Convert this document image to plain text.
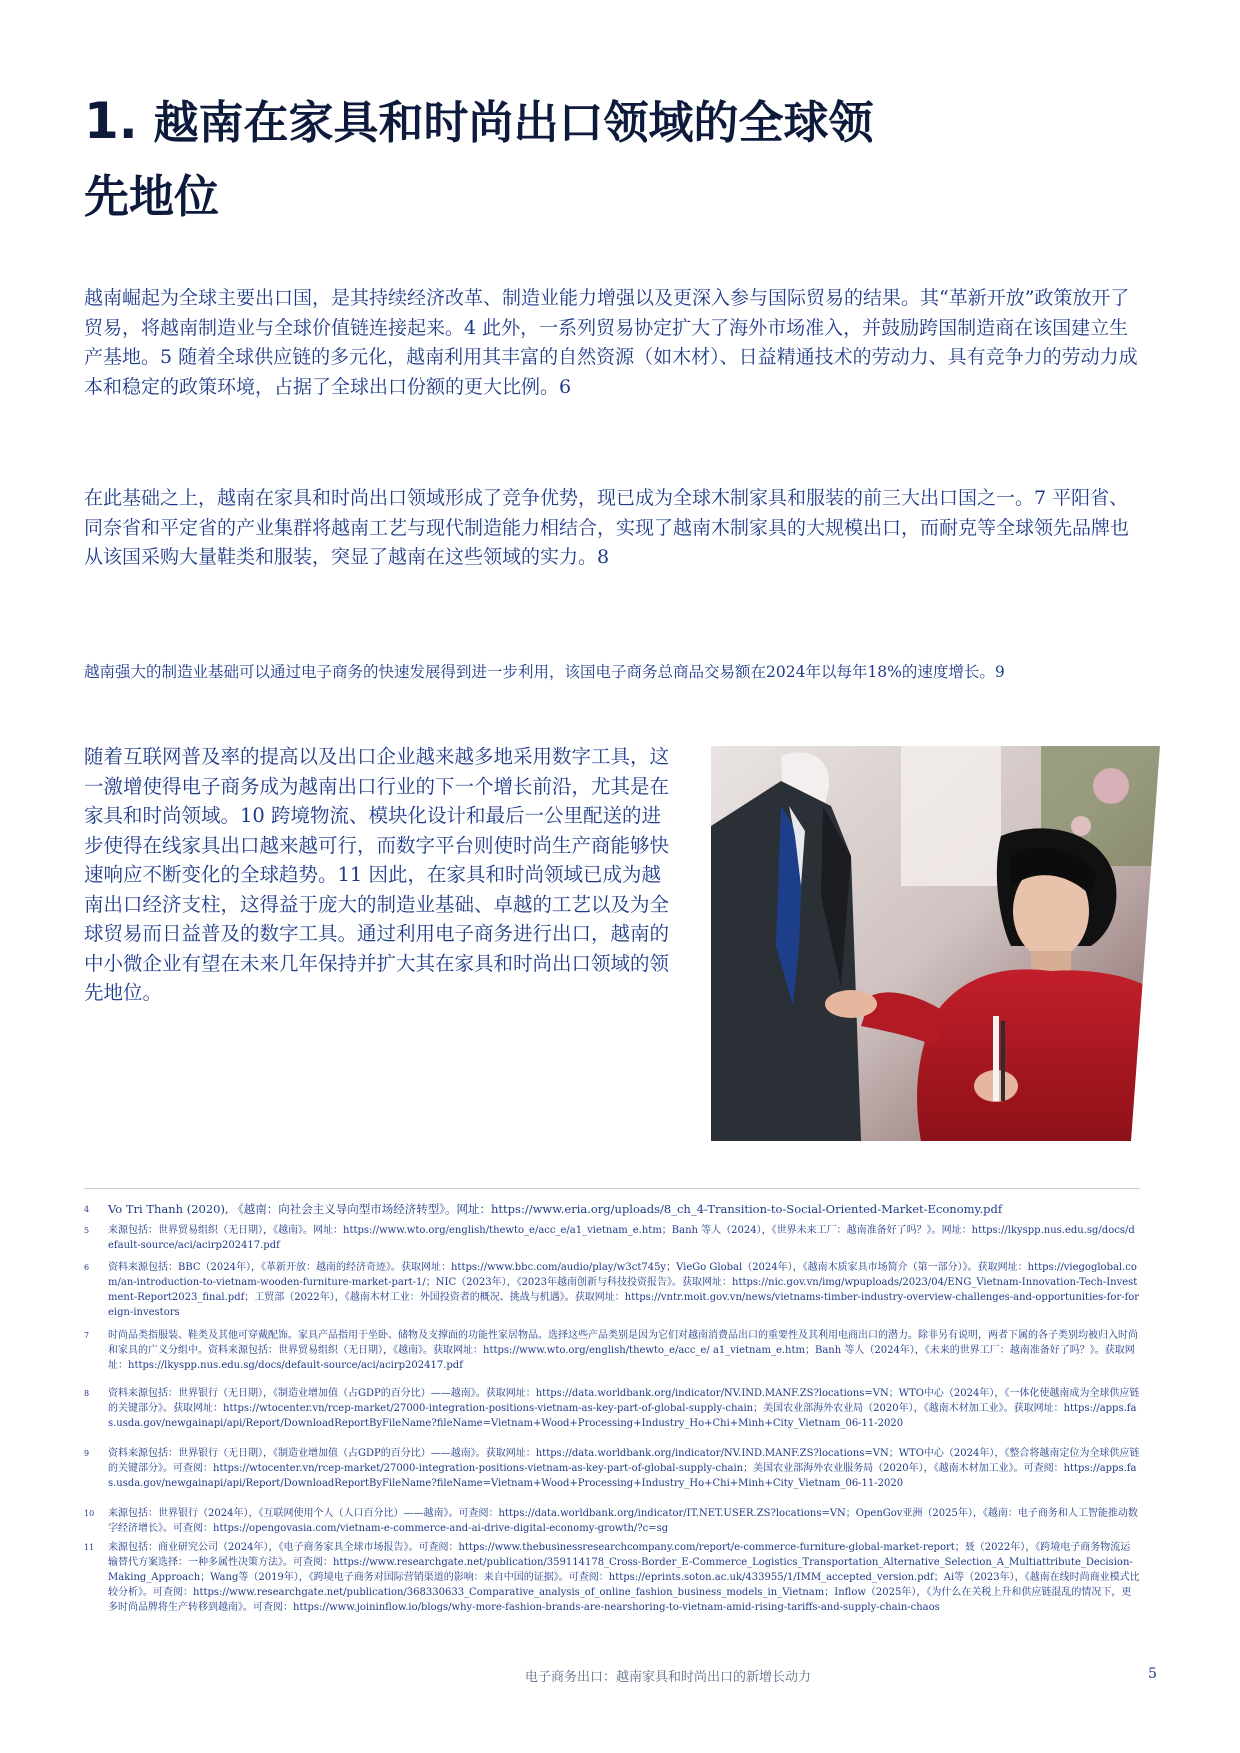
1. 越南在家具和时尚出口领域的全球领
先地位

越南崛起为全球主要出口国，是其持续经济改革、制造业能力增强以及更深入参与国际贸易的结果。其“革新开放”政策放开了贸易，将越南制造业与全球价值链连接起来。4 此外，一系列贸易协定扩大了海外市场准入，并鼓励跨国制造商在该国建立生产基地。5 随着全球供应链的多元化，越南利用其丰富的自然资源（如木材）、日益精通技术的劳动力、具有竞争力的劳动力成本和稳定的政策环境，占据了全球出口份额的更大比例。6

在此基础之上，越南在家具和时尚出口领域形成了竞争优势，现已成为全球木制家具和服装的前三大出口国之一。7 平阳省、同奈省和平定省的产业集群将越南工艺与现代制造能力相结合，实现了越南木制家具的大规模出口，而耐克等全球领先品牌也从该国采购大量鞋类和服装，突显了越南在这些领域的实力。8

越南强大的制造业基础可以通过电子商务的快速发展得到进一步利用，该国电子商务总商品交易额在2024年以每年18%的速度增长。9

随着互联网普及率的提高以及出口企业越来越多地采用数字工具，这一激增使得电子商务成为越南出口行业的下一个增长前沿，尤其是在家具和时尚领域。10 跨境物流、模块化设计和最后一公里配送的进步使得在线家具出口越来越可行，而数字平台则使时尚生产商能够快速响应不断变化的全球趋势。11 因此，在家具和时尚领域已成为越南出口经济支柱，这得益于庞大的制造业基础、卓越的工艺以及为全球贸易而日益普及的数字工具。通过利用电子商务进行出口，越南的中小微企业有望在未来几年保持并扩大其在家具和时尚出口领域的领先地位。

4 Vo Tri Thanh (2020), 《越南：向社会主义导向型市场经济转型》。网址：https://www.eria.org/uploads/8_ch_4-Transition-to-Social-Oriented-Market-Economy.pdf
5 来源包括：世界贸易组织（无日期），《越南》。网址：https://www.wto.org/english/thewto_e/acc_e/a1_vietnam_e.htm；Banh 等人（2024），《世界未来工厂：越南准备好了吗？》。网址：https://lkyspp.nus.edu.sg/docs/default-source/aci/acirp202417.pdf
6 资料来源包括：BBC（2024年），《革新开放：越南的经济奇迹》。获取网址：https://www.bbc.com/audio/play/w3ct745y；VieGo Global（2024年），《越南木质家具市场简介（第一部分）》。获取网址：https://viegoglobal.com/an-introduction-to-vietnam-wooden-furniture-market-part-1/；NIC（2023年），《2023年越南创新与科技投资报告》。获取网址：https://nic.gov.vn/img/wpuploads/2023/04/ENG_Vietnam-Innovation-Tech-Investment-Report2023_final.pdf；工贸部（2022年），《越南木材工业：外国投资者的概况、挑战与机遇》。获取网址：https://vntr.moit.gov.vn/news/vietnams-timber-industry-overview-challenges-and-opportunities-for-foreign-investors
7 时尚品类指服装、鞋类及其他可穿戴配饰。家具产品指用于坐卧、储物及支撑面的功能性家居物品。选择这些产品类别是因为它们对越南消费品出口的重要性及其利用电商出口的潜力。除非另有说明，两者下属的各子类别均被归入时尚和家具的广义分组中。资料来源包括：世界贸易组织（无日期），《越南》。获取网址：https://www.wto.org/english/thewto_e/acc_e/ a1_vietnam_e.htm；Banh 等人（2024年），《未来的世界工厂：越南准备好了吗？》。获取网址：https://lkyspp.nus.edu.sg/docs/default-source/aci/acirp202417.pdf
8 资料来源包括：世界银行（无日期），《制造业增加值（占GDP的百分比）——越南》。获取网址：https://data.worldbank.org/indicator/NV.IND.MANF.ZS?locations=VN；WTO中心（2024年），《一体化使越南成为全球供应链的关键部分》。获取网址：https://wtocenter.vn/rcep-market/27000-integration-positions-vietnam-as-key-part-of-global-supply-chain；美国农业部海外农业局（2020年），《越南木材加工业》。获取网址：https://apps.fas.usda.gov/newgainapi/api/Report/DownloadReportByFileName?fileName=Vietnam+Wood+Processing+Industry_Ho+Chi+Minh+City_Vietnam_06-11-2020
9 资料来源包括：世界银行（无日期），《制造业增加值（占GDP的百分比）——越南》。获取网址：https://data.worldbank.org/indicator/NV.IND.MANF.ZS?locations=VN；WTO中心（2024年），《整合将越南定位为全球供应链的关键部分》。可查阅：https://wtocenter.vn/rcep-market/27000-integration-positions-vietnam-as-key-part-of-global-supply-chain；美国农业部海外农业服务局（2020年），《越南木材加工业》。可查阅：https://apps.fas.usda.gov/newgainapi/api/Report/DownloadReportByFileName?fileName=Vietnam+Wood+Processing+Industry_Ho+Chi+Minh+City_Vietnam_06-11-2020
10 来源包括：世界银行（2024年），《互联网使用个人（人口百分比）——越南》。可查阅：https://data.worldbank.org/indicator/IT.NET.USER.ZS?locations=VN；OpenGov亚洲（2025年），《越南：电子商务和人工智能推动数字经济增长》。可查阅：https://opengovasia.com/vietnam-e-commerce-and-ai-drive-digital-economy-growth/?c=sg
11 来源包括：商业研究公司（2024年），《电子商务家具全球市场报告》。可查阅：https://www.thebusinessresearchcompany.com/report/e-commerce-furniture-global-market-report；聂（2022年），《跨境电子商务物流运输替代方案选择：一种多属性决策方法》。可查阅：https://www.researchgate.net/publication/359114178_Cross-Border_E-Commerce_Logistics_Transportation_Alternative_Selection_A_Multiattribute_Decision-Making_Approach；Wang等（2019年），《跨境电子商务对国际营销渠道的影响：来自中国的证据》。可查阅：https://eprints.soton.ac.uk/433955/1/IMM_accepted_version.pdf；Ai等（2023年），《越南在线时尚商业模式比较分析》。可查阅：https://www.researchgate.net/publication/368330633_Comparative_analysis_of_online_fashion_business_models_in_Vietnam；Inflow（2025年），《为什么在关税上升和供应链混乱的情况下，更多时尚品牌将生产转移到越南》。可查阅：https://www.joininflow.io/blogs/why-more-fashion-brands-are-nearshoring-to-vietnam-amid-rising-tariffs-and-supply-chain-chaos
电子商务出口：越南家具和时尚出口的新增长动力	5
